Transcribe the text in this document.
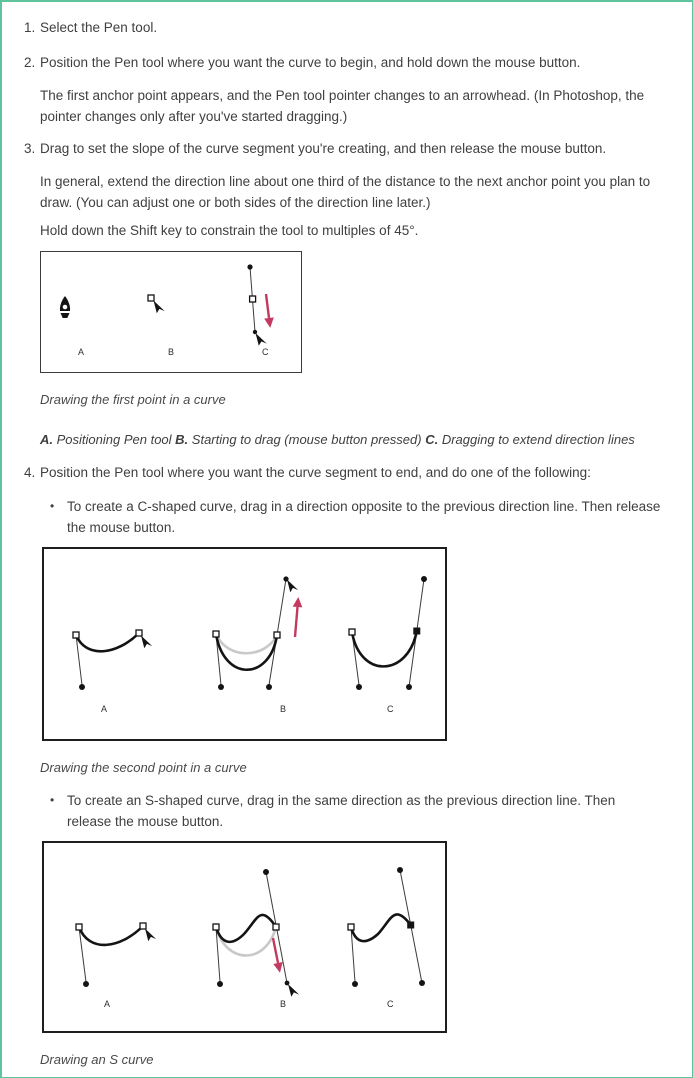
1. Select the Pen tool.

2. Position the Pen tool where you want the curve to begin, and hold down the mouse button.

The first anchor point appears, and the Pen tool pointer changes to an arrowhead. (In Photoshop, the pointer changes only after you've started dragging.)

3. Drag to set the slope of the curve segment you're creating, and then release the mouse button.

In general, extend the direction line about one third of the distance to the next anchor point you plan to draw. (You can adjust one or both sides of the direction line later.)

Hold down the Shift key to constrain the tool to multiples of 45°.

A	B	C
Drawing the first point in a curve

A. Positioning Pen tool B. Starting to drag (mouse button pressed) C. Dragging to extend direction lines

4. Position the Pen tool where you want the curve segment to end, and do one of the following:

• To create a C-shaped curve, drag in a direction opposite to the previous direction line. Then release the mouse button.

A	B	C
Drawing the second point in a curve

• To create an S-shaped curve, drag in the same direction as the previous direction line. Then release the mouse button.

A	B	C
Drawing an S curve
